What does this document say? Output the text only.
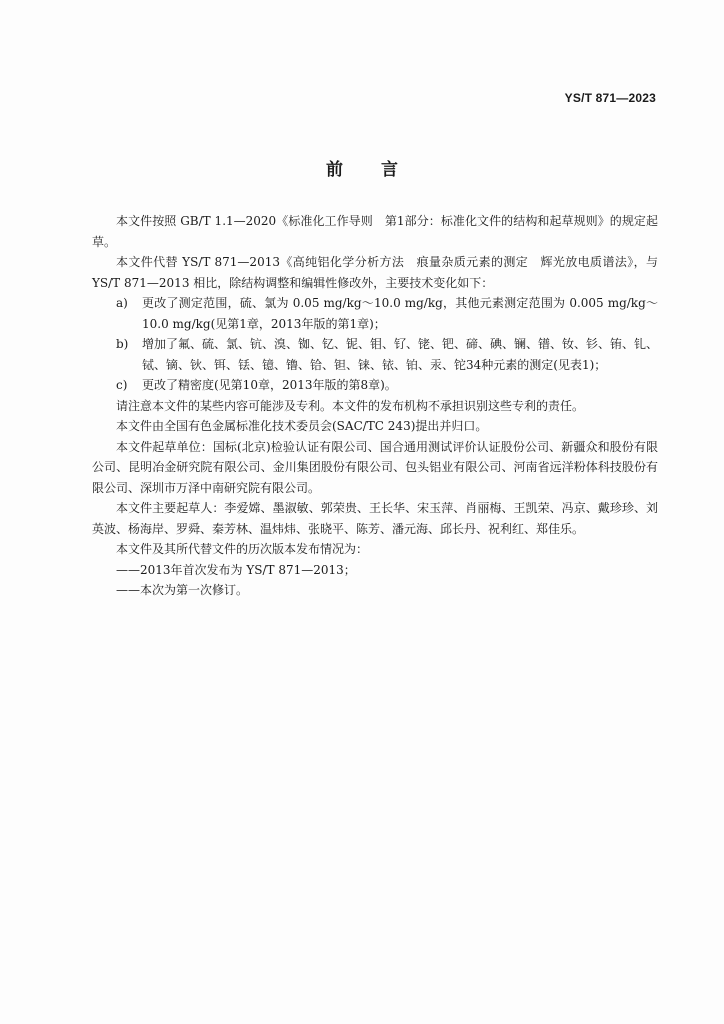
YS/T 871—2023
前言

本文件按照 GB/T 1.1—2020《标准化工作导则　第1部分：标准化文件的结构和起草规则》的规定起草。

本文件代替 YS/T 871—2013《高纯铝化学分析方法　痕量杂质元素的测定　辉光放电质谱法》，与 YS/T 871—2013 相比，除结构调整和编辑性修改外，主要技术变化如下：

a)	更改了测定范围，硫、氯为 0.05 mg/kg～10.0 mg/kg，其他元素测定范围为 0.005 mg/kg～10.0 mg/kg(见第1章，2013年版的第1章)；
b)	增加了氟、硫、氯、钪、溴、铷、钇、铌、钼、钌、铑、钯、碲、碘、镧、镨、钕、钐、铕、钆、铽、镝、钬、铒、铥、镱、镥、铪、钽、铼、铱、铂、汞、铊34种元素的测定(见表1)；
c)	更改了精密度(见第10章，2013年版的第8章)。

请注意本文件的某些内容可能涉及专利。本文件的发布机构不承担识别这些专利的责任。

本文件由全国有色金属标准化技术委员会(SAC/TC 243)提出并归口。

本文件起草单位：国标(北京)检验认证有限公司、国合通用测试评价认证股份公司、新疆众和股份有限公司、昆明冶金研究院有限公司、金川集团股份有限公司、包头铝业有限公司、河南省远洋粉体科技股份有限公司、深圳市万泽中南研究院有限公司。

本文件主要起草人：李爱嫦、墨淑敏、郭荣贵、王长华、宋玉萍、肖丽梅、王凯荣、冯京、戴珍珍、刘英波、杨海岸、罗舜、秦芳林、温炜炜、张晓平、陈芳、潘元海、邱长丹、祝利红、郑佳乐。

本文件及其所代替文件的历次版本发布情况为：

——2013年首次发布为 YS/T 871—2013；

——本次为第一次修订。
